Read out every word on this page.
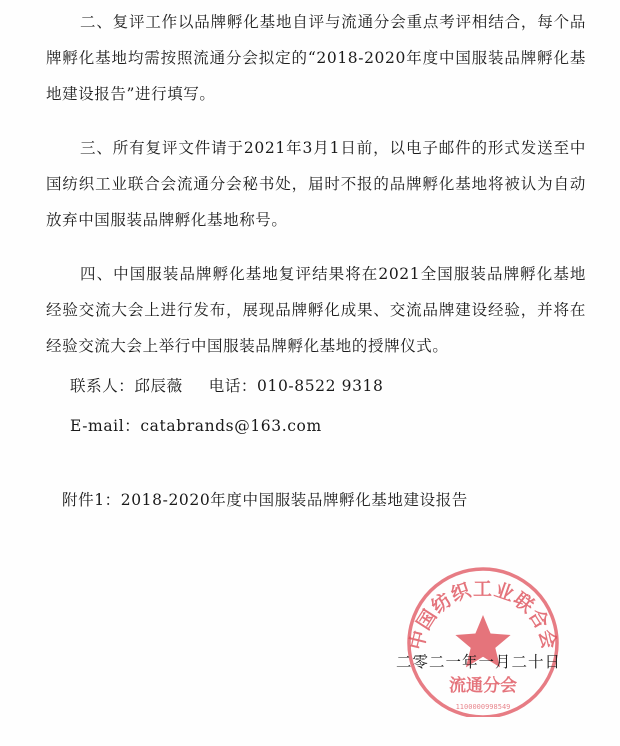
二、复评工作以品牌孵化基地自评与流通分会重点考评相结合，每个品牌孵化基地均需按照流通分会拟定的“2018-2020年度中国服装品牌孵化基地建设报告”进行填写。

三、所有复评文件请于2021年3月1日前，以电子邮件的形式发送至中国纺织工业联合会流通分会秘书处，届时不报的品牌孵化基地将被认为自动放弃中国服装品牌孵化基地称号。

四、中国服装品牌孵化基地复评结果将在2021全国服装品牌孵化基地经验交流大会上进行发布，展现品牌孵化成果、交流品牌建设经验，并将在经验交流大会上举行中国服装品牌孵化基地的授牌仪式。

联系人：邱辰薇 电话：010-8522 9318

E-mail：catabrands@163.com

附件1：2018-2020年度中国服装品牌孵化基地建设报告

中国纺织工业联合会
流通分会
1100000998549

二零二一年一月二十日
